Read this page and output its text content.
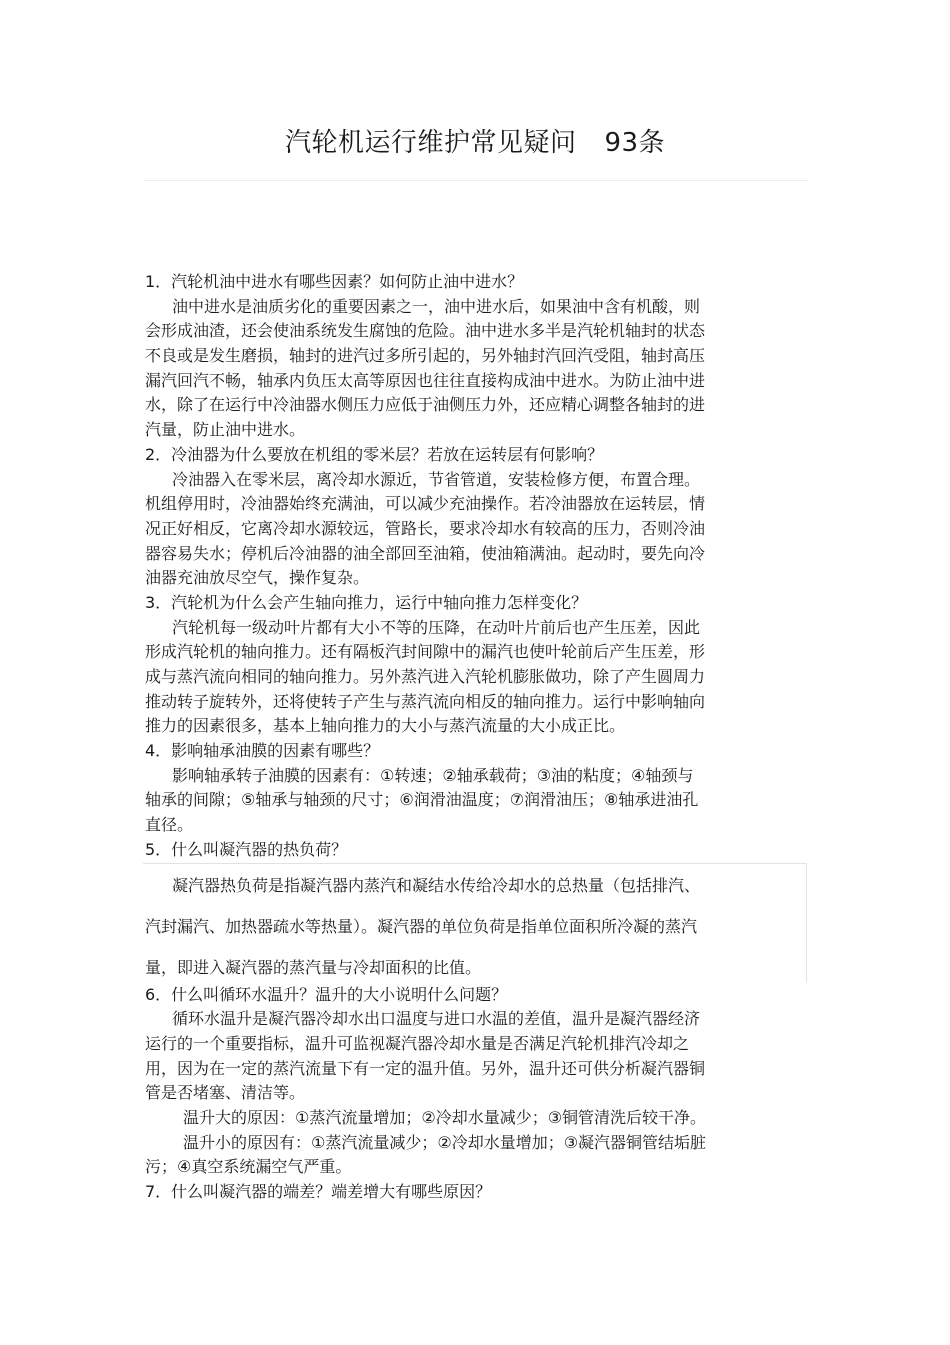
汽轮机运行维护常见疑问 93条
1．汽轮机油中进水有哪些因素？如何防止油中进水？
油中进水是油质劣化的重要因素之一，油中进水后，如果油中含有机酸，则
会形成油渣，还会使油系统发生腐蚀的危险。油中进水多半是汽轮机轴封的状态
不良或是发生磨损，轴封的进汽过多所引起的，另外轴封汽回汽受阻，轴封高压
漏汽回汽不畅，轴承内负压太高等原因也往往直接构成油中进水。为防止油中进
水，除了在运行中冷油器水侧压力应低于油侧压力外，还应精心调整各轴封的进
汽量，防止油中进水。
2．冷油器为什么要放在机组的零米层？若放在运转层有何影响？
冷油器入在零米层，离冷却水源近，节省管道，安装检修方便，布置合理。
机组停用时，冷油器始终充满油，可以减少充油操作。若冷油器放在运转层，情
况正好相反，它离冷却水源较远，管路长，要求冷却水有较高的压力，否则冷油
器容易失水；停机后冷油器的油全部回至油箱，使油箱满油。起动时，要先向冷
油器充油放尽空气，操作复杂。
3．汽轮机为什么会产生轴向推力，运行中轴向推力怎样变化？
汽轮机每一级动叶片都有大小不等的压降，在动叶片前后也产生压差，因此
形成汽轮机的轴向推力。还有隔板汽封间隙中的漏汽也使叶轮前后产生压差，形
成与蒸汽流向相同的轴向推力。另外蒸汽进入汽轮机膨胀做功，除了产生圆周力
推动转子旋转外，还将使转子产生与蒸汽流向相反的轴向推力。运行中影响轴向
推力的因素很多，基本上轴向推力的大小与蒸汽流量的大小成正比。
4．影响轴承油膜的因素有哪些？
影响轴承转子油膜的因素有：①转速；②轴承载荷；③油的粘度；④轴颈与
轴承的间隙；⑤轴承与轴颈的尺寸；⑥润滑油温度；⑦润滑油压；⑧轴承进油孔
直径。
5．什么叫凝汽器的热负荷？
凝汽器热负荷是指凝汽器内蒸汽和凝结水传给冷却水的总热量（包括排汽、
汽封漏汽、加热器疏水等热量）。凝汽器的单位负荷是指单位面积所冷凝的蒸汽
量，即进入凝汽器的蒸汽量与冷却面积的比值。
6．什么叫循环水温升？温升的大小说明什么问题？
循环水温升是凝汽器冷却水出口温度与进口水温的差值，温升是凝汽器经济
运行的一个重要指标，温升可监视凝汽器冷却水量是否满足汽轮机排汽冷却之
用，因为在一定的蒸汽流量下有一定的温升值。另外，温升还可供分析凝汽器铜
管是否堵塞、清洁等。
温升大的原因：①蒸汽流量增加；②冷却水量减少；③铜管清洗后较干净。
温升小的原因有：①蒸汽流量减少；②冷却水量增加；③凝汽器铜管结垢脏
污；④真空系统漏空气严重。
7．什么叫凝汽器的端差？端差增大有哪些原因？
